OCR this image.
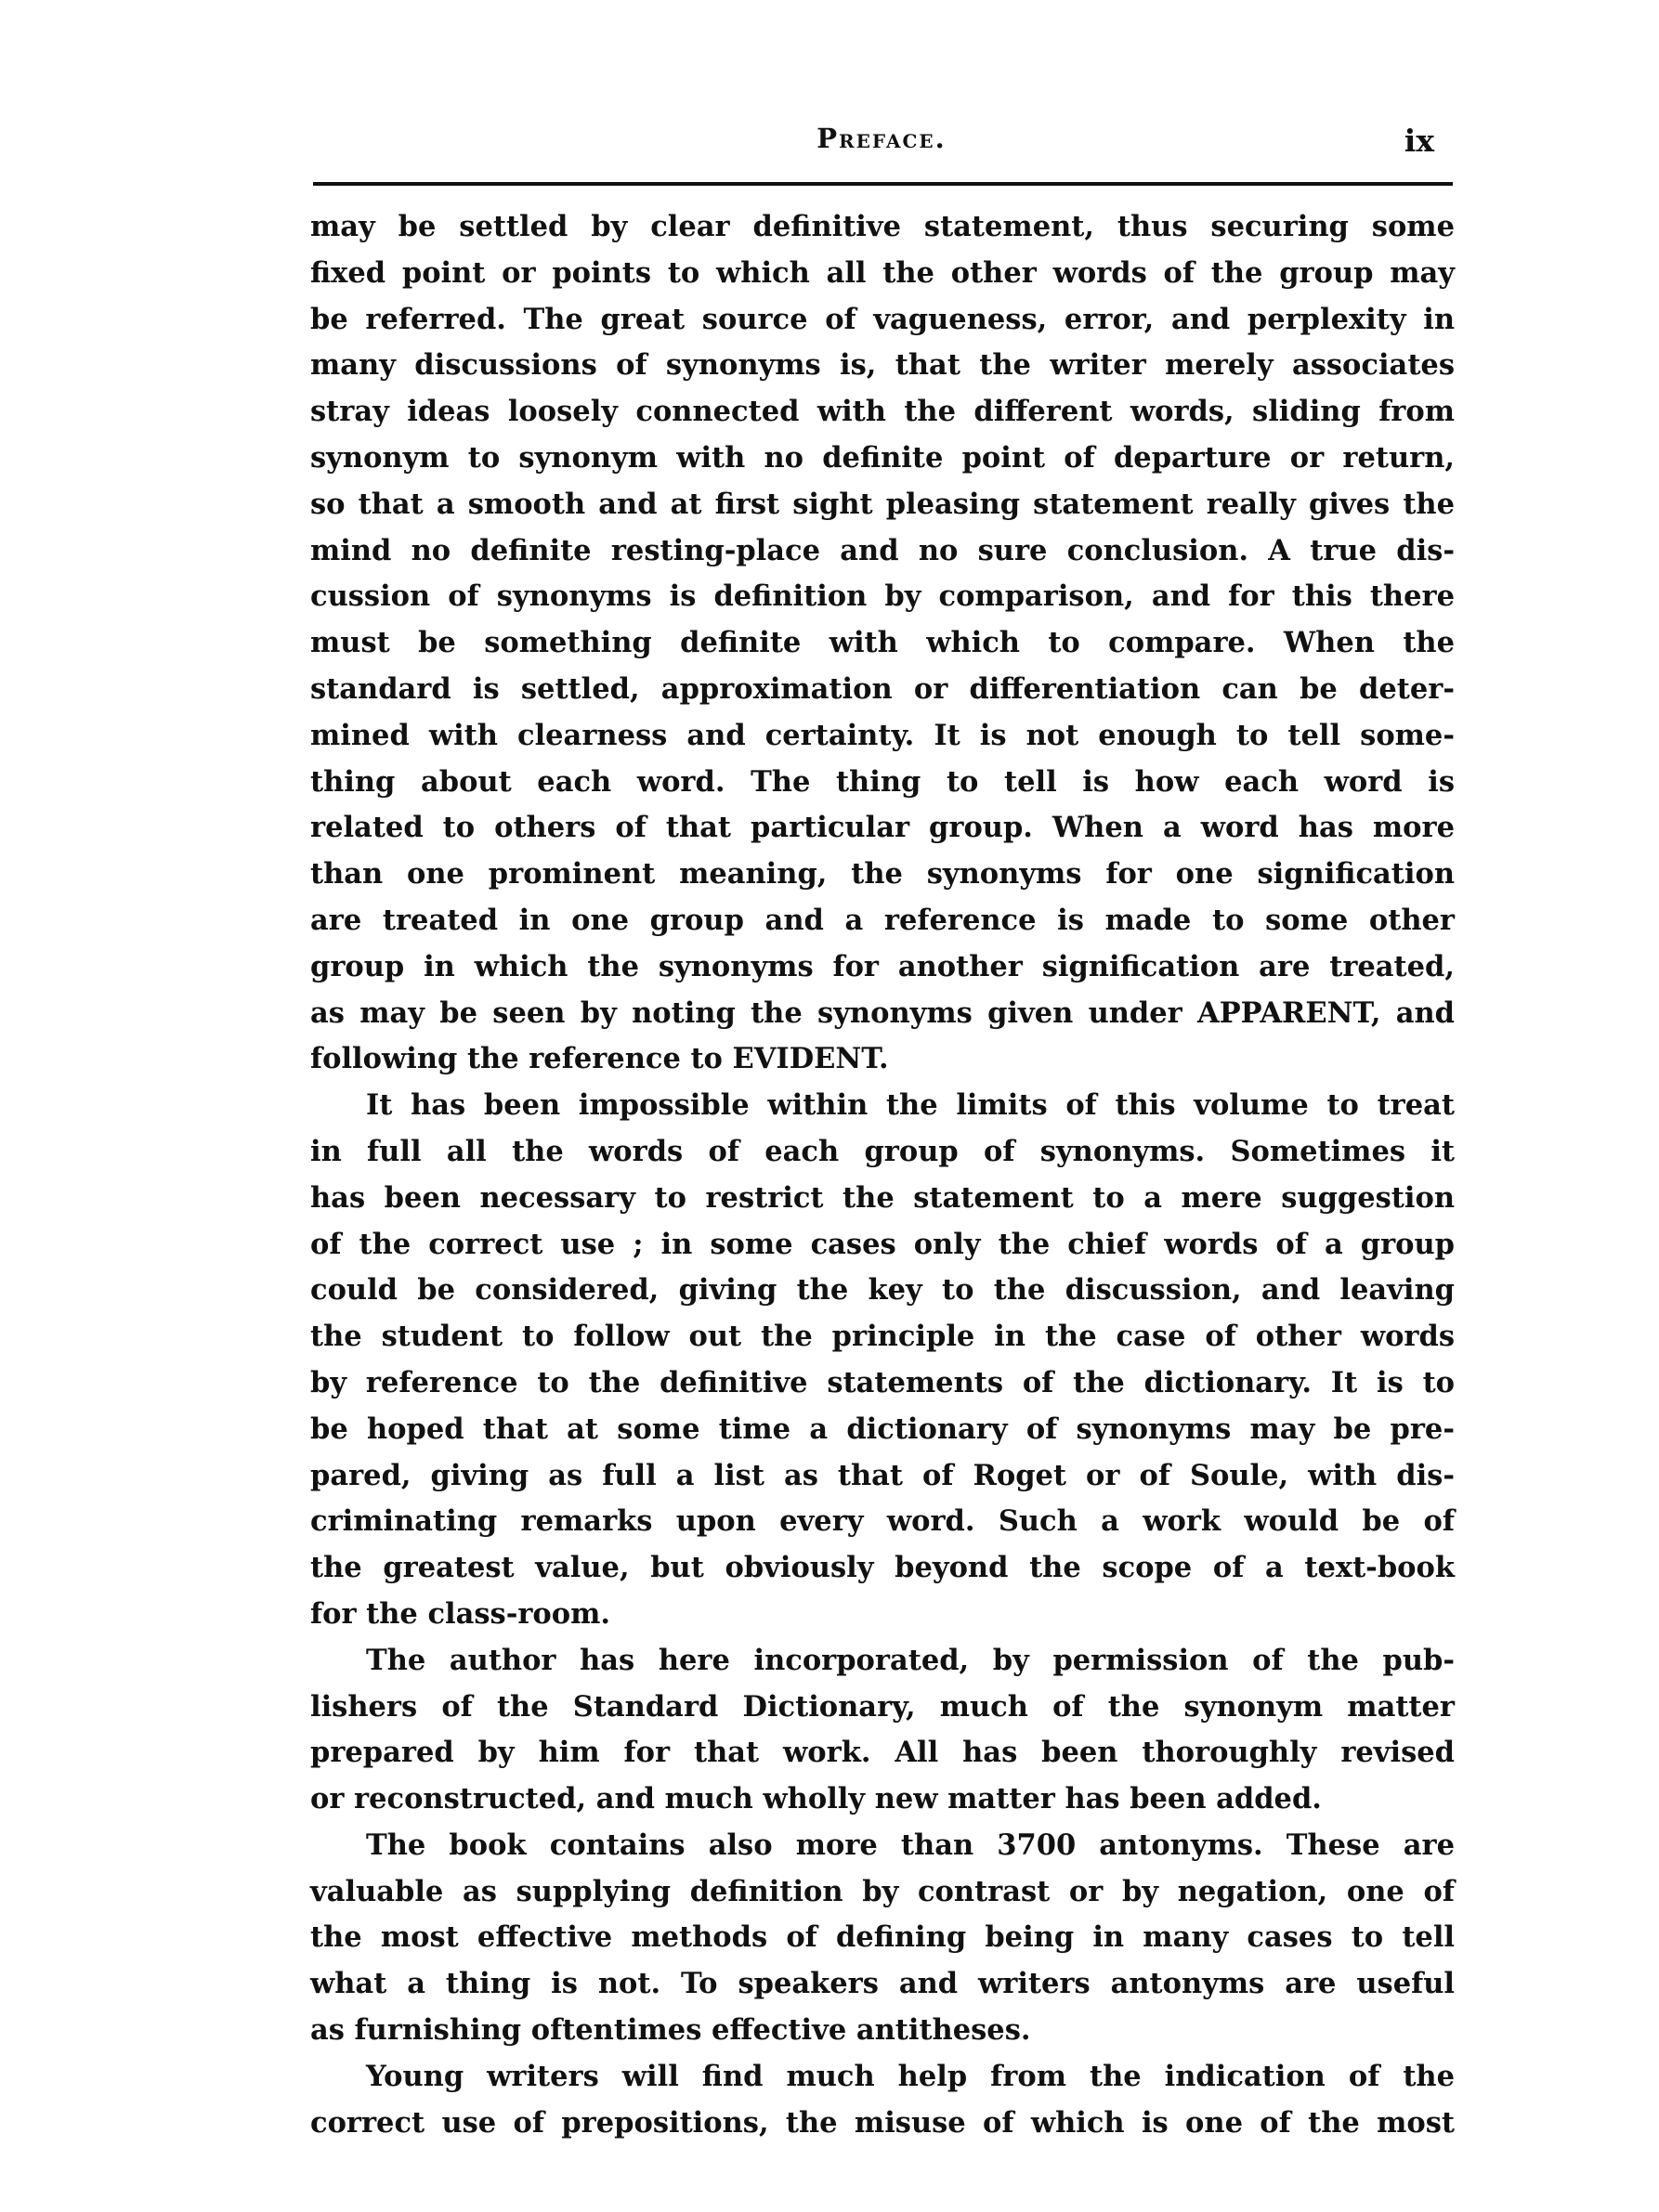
Preface.	ix
may be settled by clear definitive statement, thus securing some
fixed point or points to which all the other words of the group may
be referred. The great source of vagueness, error, and perplexity in
many discussions of synonyms is, that the writer merely associates
stray ideas loosely connected with the different words, sliding from
synonym to synonym with no definite point of departure or return,
so that a smooth and at first sight pleasing statement really gives the
mind no definite resting-place and no sure conclusion. A true dis-
cussion of synonyms is definition by comparison, and for this there
must be something definite with which to compare. When the
standard is settled, approximation or differentiation can be deter-
mined with clearness and certainty. It is not enough to tell some-
thing about each word. The thing to tell is how each word is
related to others of that particular group. When a word has more
than one prominent meaning, the synonyms for one signification
are treated in one group and a reference is made to some other
group in which the synonyms for another signification are treated,
as may be seen by noting the synonyms given under APPARENT, and
following the reference to EVIDENT.
It has been impossible within the limits of this volume to treat
in full all the words of each group of synonyms. Sometimes it
has been necessary to restrict the statement to a mere suggestion
of the correct use ; in some cases only the chief words of a group
could be considered, giving the key to the discussion, and leaving
the student to follow out the principle in the case of other words
by reference to the definitive statements of the dictionary. It is to
be hoped that at some time a dictionary of synonyms may be pre-
pared, giving as full a list as that of Roget or of Soule, with dis-
criminating remarks upon every word. Such a work would be of
the greatest value, but obviously beyond the scope of a text-book
for the class-room.
The author has here incorporated, by permission of the pub-
lishers of the Standard Dictionary, much of the synonym matter
prepared by him for that work. All has been thoroughly revised
or reconstructed, and much wholly new matter has been added.
The book contains also more than 3700 antonyms. These are
valuable as supplying definition by contrast or by negation, one of
the most effective methods of defining being in many cases to tell
what a thing is not. To speakers and writers antonyms are useful
as furnishing oftentimes effective antitheses.
Young writers will find much help from the indication of the
correct use of prepositions, the misuse of which is one of the most
